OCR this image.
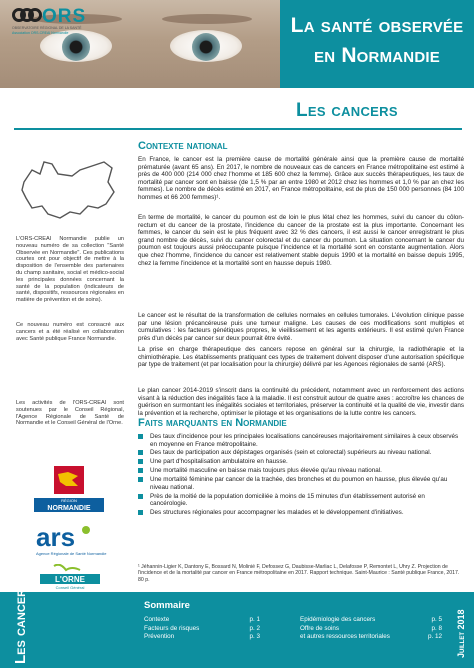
La santé observée
en Normandie
ORS
OBSERVATOIRE RÉGIONAL DE LA SANTÉ
Association ORS-CREAI Normandie
Les cancers
L'ORS-CREAI Normandie publie un nouveau numéro de sa collection "Santé Observée en Normandie". Ces publications courtes ont pour objectif de mettre à la disposition de l'ensemble des partenaires du champ sanitaire, social et médico-social les principales données concernant la santé de la population (indicateurs de santé, dispositifs, ressources régionales en matière de prévention et de soins).
Ce nouveau numéro est consacré aux cancers et a été réalisé en collaboration avec Santé publique France Normandie.
Les activités de l'ORS-CREAI sont soutenues par le Conseil Régional, l'Agence Régionale de Santé de Normandie et le Conseil Général de l'Orne.
RÉGION
NORMANDIE
ars
Agence Régionale de Santé Normandie
L'ORNE
Conseil Général
Contexte national
En France, le cancer est la première cause de mortalité générale ainsi que la première cause de mortalité prématurée (avant 65 ans). En 2017, le nombre de nouveaux cas de cancers en France métropolitaine est estimé à près de 400 000 (214 000 chez l'homme et 185 600 chez la femme). Grâce aux succès thérapeutiques, les taux de mortalité par cancer sont en baisse (de 1,5 % par an entre 1980 et 2012 chez les hommes et 1,0 % par an chez les femmes). Le nombre de décès estimé en 2017, en France métropolitaine, est de plus de 150 000 personnes (84 100 hommes et 66 200 femmes)¹.
En terme de mortalité, le cancer du poumon est de loin le plus létal chez les hommes, suivi du cancer du côlon-rectum et du cancer de la prostate, l'incidence du cancer de la prostate est la plus importante. Concernant les femmes, le cancer du sein est le plus fréquent avec 32 % des cancers, il est aussi le cancer enregistrant le plus grand nombre de décès, suivi du cancer colorectal et du cancer du poumon. La situation concernant le cancer du poumon est toujours aussi préoccupante puisque l'incidence et la mortalité sont en constante augmentation. Alors que chez l'homme, l'incidence du cancer est relativement stable depuis 1990 et la mortalité en baisse depuis 1995, chez la femme l'incidence et la mortalité sont en hausse depuis 1980.
Le cancer est le résultat de la transformation de cellules normales en cellules tumorales. L'évolution clinique passe par une lésion précancéreuse puis une tumeur maligne. Les causes de ces modifications sont multiples et cumulatives : les facteurs génétiques propres, le vieillissement et les agents extérieurs. Il est estimé qu'en France près d'un décès par cancer sur deux pourrait être évité.
La prise en charge thérapeutique des cancers repose en général sur la chirurgie, la radiothérapie et la chimiothérapie. Les établissements pratiquant ces types de traitement doivent disposer d'une autorisation spécifique par type de traitement (et par localisation pour la chirurgie) délivré par les Agences régionales de santé (ARS).
Le plan cancer 2014-2019 s'inscrit dans la continuité du précédent, notamment avec un renforcement des actions visant à la réduction des inégalités face à la maladie. Il est construit autour de quatre axes : accroître les chances de guérison en surmontant les inégalités sociales et territoriales, préserver la continuité et la qualité de vie, investir dans la prévention et la recherche, optimiser le pilotage et les organisations de la lutte contre les cancers.
Faits marquants en Normandie
Des taux d'incidence pour les principales localisations cancéreuses majoritairement similaires à ceux observés en moyenne en France métropolitaine.
Des taux de participation aux dépistages organisés (sein et colorectal) supérieurs au niveau national.
Une part d'hospitalisation ambulatoire en hausse.
Une mortalité masculine en baisse mais toujours plus élevée qu'au niveau national.
Une mortalité féminine par cancer de la trachée, des bronches et du poumon en hausse, plus élevée qu'au niveau national.
Près de la moitié de la population domiciliée à moins de 15 minutes d'un établissement autorisé en cancérologie.
Des structures régionales pour accompagner les malades et le développement d'initiatives.
¹ Jéhannin-Ligier K, Dantony E, Bossard N, Molinié F, Defossez G, Daubisse-Marliac L, Delafosse P, Remontet L, Uhry Z. Projection de l'incidence et de la mortalité par cancer en France métropolitaine en 2017. Rapport technique. Saint-Maurice : Santé publique France, 2017. 80 p.
Les cancers	Sommaire
Contexte	p. 1
Facteurs de risques	p. 2
Prévention	p. 3
Epidémiologie des cancers	p. 5
Offre de soins	p. 8
et autres ressources territoriales	p. 12 Juillet 2018
